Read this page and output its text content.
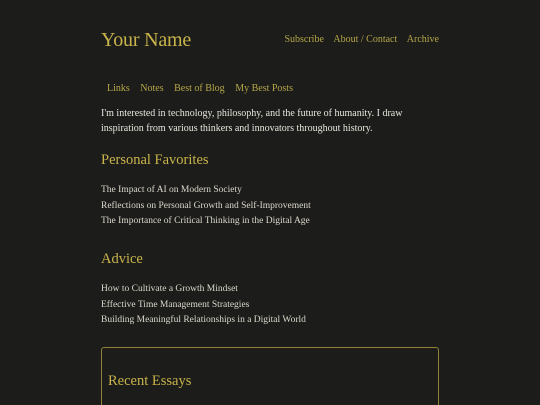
Your Name	Subscribe About / Contact Archive
Links Notes Best of Blog My Best Posts

I'm interested in technology, philosophy, and the future of humanity. I draw inspiration from various thinkers and innovators throughout history.

Personal Favorites
The Impact of AI on Modern Society
Reflections on Personal Growth and Self-Improvement
The Importance of Critical Thinking in the Digital Age
Advice
How to Cultivate a Growth Mindset
Effective Time Management Strategies
Building Meaningful Relationships in a Digital World
Recent Essays
